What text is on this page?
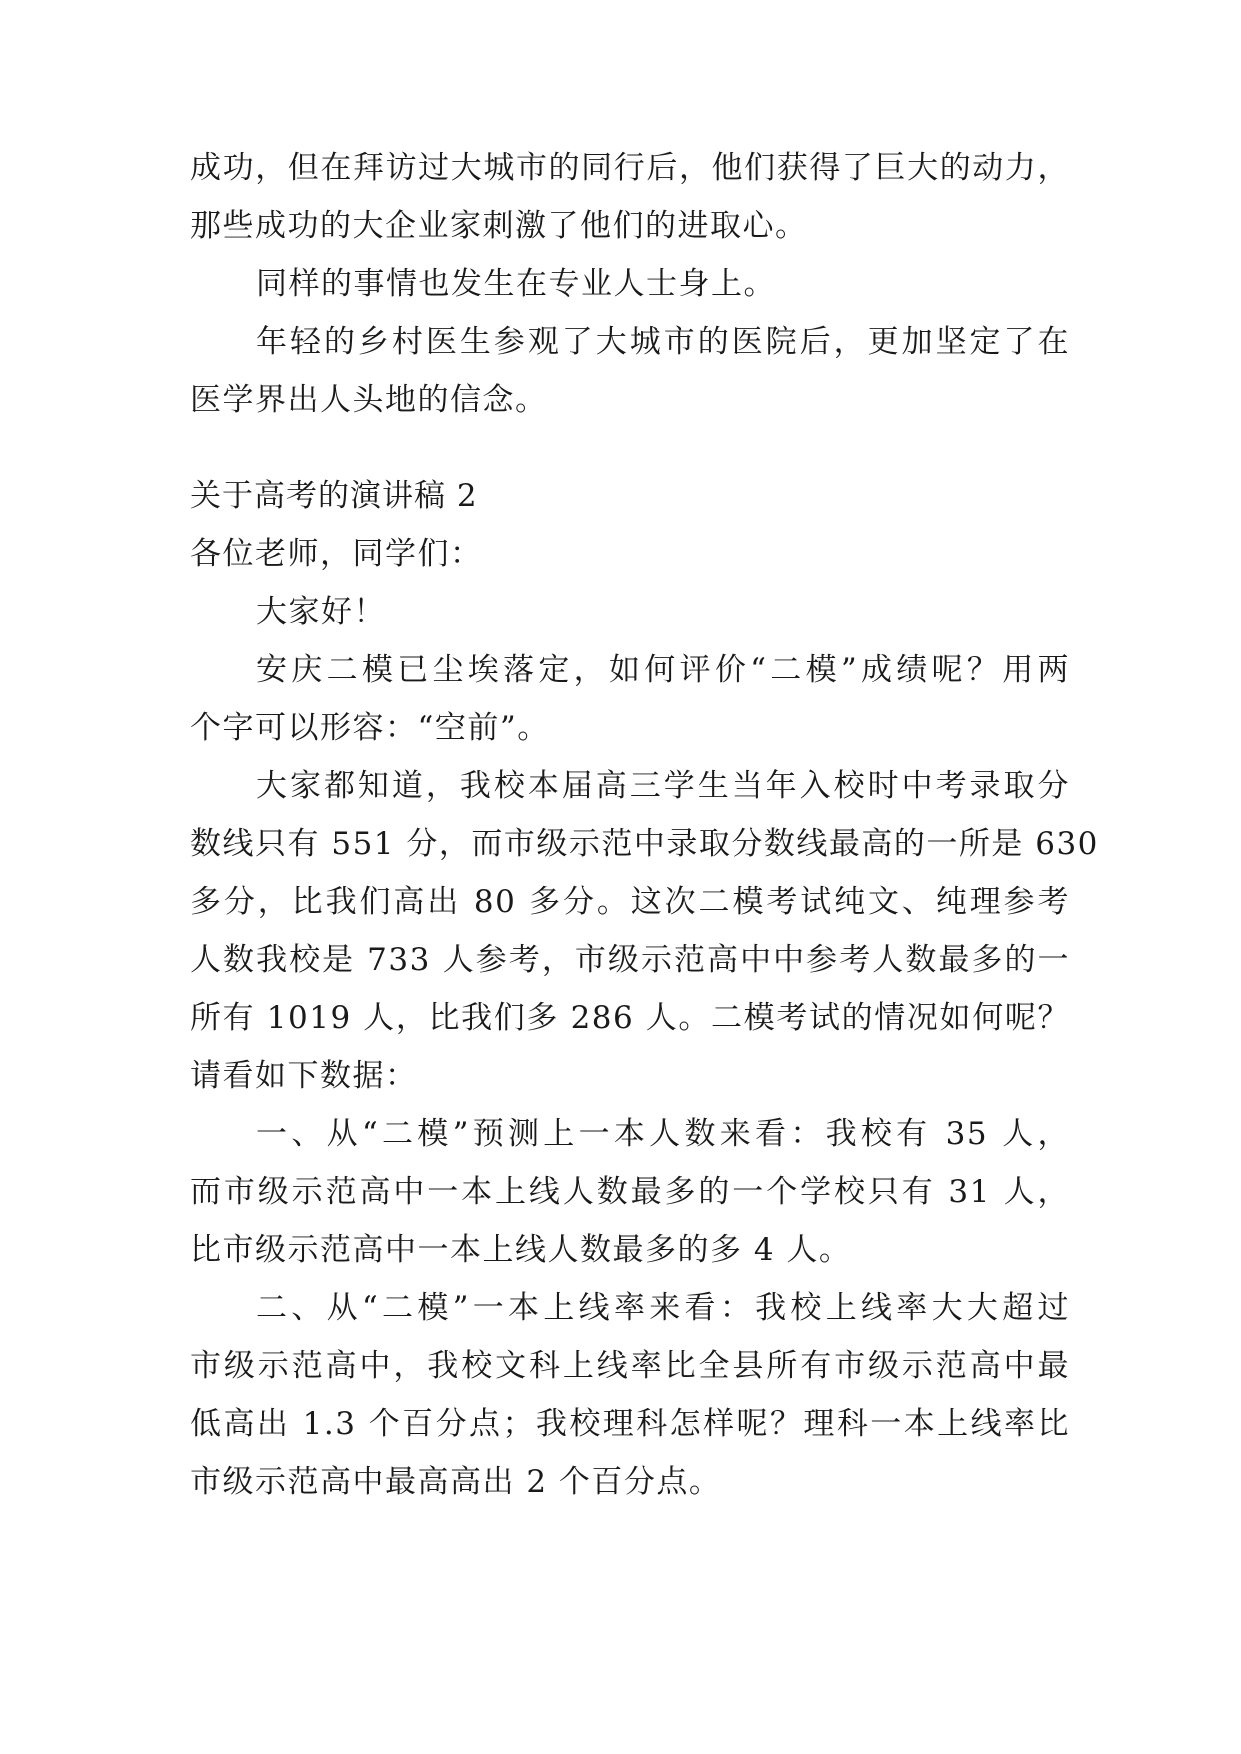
成功，但在拜访过大城市的同行后，他们获得了巨大的动力，
那些成功的大企业家刺激了他们的进取心。
同样的事情也发生在专业人士身上。
年轻的乡村医生参观了大城市的医院后，更加坚定了在
医学界出人头地的信念。
关于高考的演讲稿 2
各位老师，同学们：
大家好！
安庆二模已尘埃落定，如何评价“二模”成绩呢？用两
个字可以形容：“空前”。
大家都知道，我校本届高三学生当年入校时中考录取分
数线只有 551 分，而市级示范中录取分数线最高的一所是 630
多分，比我们高出 80 多分。这次二模考试纯文、纯理参考
人数我校是 733 人参考，市级示范高中中参考人数最多的一
所有 1019 人，比我们多 286 人。二模考试的情况如何呢？
请看如下数据：
一、从“二模”预测上一本人数来看：我校有 35 人，
而市级示范高中一本上线人数最多的一个学校只有 31 人，
比市级示范高中一本上线人数最多的多 4 人。
二、从“二模”一本上线率来看：我校上线率大大超过
市级示范高中，我校文科上线率比全县所有市级示范高中最
低高出 1.3 个百分点；我校理科怎样呢？理科一本上线率比
市级示范高中最高高出 2 个百分点。
